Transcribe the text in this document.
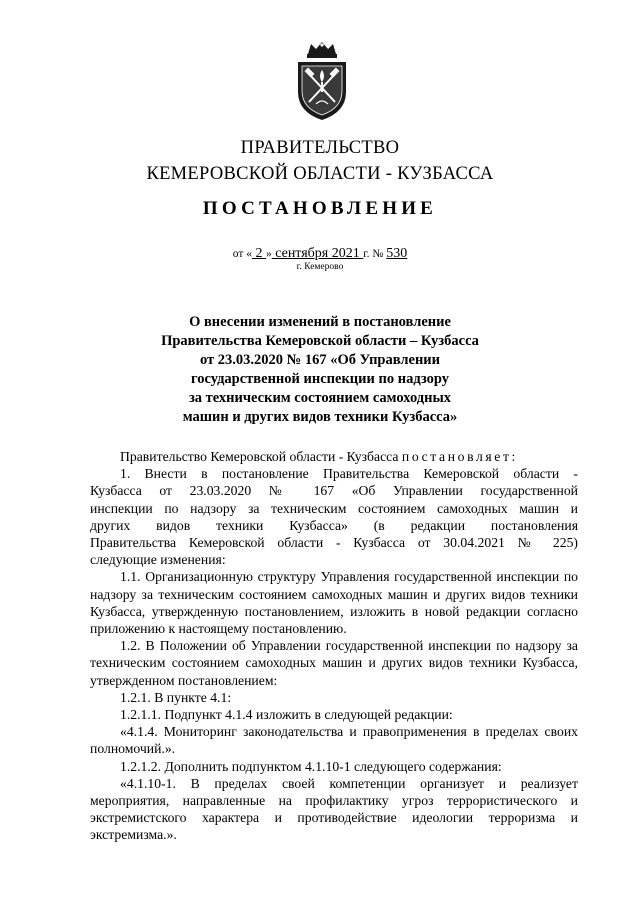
ПРАВИТЕЛЬСТВО
КЕМЕРОВСКОЙ ОБЛАСТИ - КУЗБАССА
ПОСТАНОВЛЕНИЕ
от « 2 » сентября 2021 г. № 530
г. Кемерово
О внесении изменений в постановление
Правительства Кемеровской области – Кузбасса
от 23.03.2020 № 167 «Об Управлении
государственной инспекции по надзору
за техническим состоянием самоходных
машин и других видов техники Кузбасса»

Правительство Кемеровской области - Кузбасса постановляет:

1. Внести в постановление Правительства Кемеровской области -
Кузбасса от 23.03.2020 № 167 «Об Управлении государственной
инспекции по надзору за техническим состоянием самоходных машин и
других видов техники Кузбасса» (в редакции постановления
Правительства Кемеровской области - Кузбасса от 30.04.2021 № 225)
следующие изменения:

1.1. Организационную структуру Управления государственной инспекции по надзору за техническим состоянием самоходных машин и других видов техники Кузбасса, утвержденную постановлением, изложить в новой редакции согласно приложению к настоящему постановлению.

1.2. В Положении об Управлении государственной инспекции по надзору за техническим состоянием самоходных машин и других видов техники Кузбасса, утвержденном постановлением:

1.2.1. В пункте 4.1:

1.2.1.1. Подпункт 4.1.4 изложить в следующей редакции:

«4.1.4. Мониторинг законодательства и правоприменения в пределах своих полномочий.».

1.2.1.2. Дополнить подпунктом 4.1.10-1 следующего содержания:

«4.1.10-1. В пределах своей компетенции организует и реализует мероприятия, направленные на профилактику угроз террористического и экстремистского характера и противодействие идеологии терроризма и экстремизма.».
